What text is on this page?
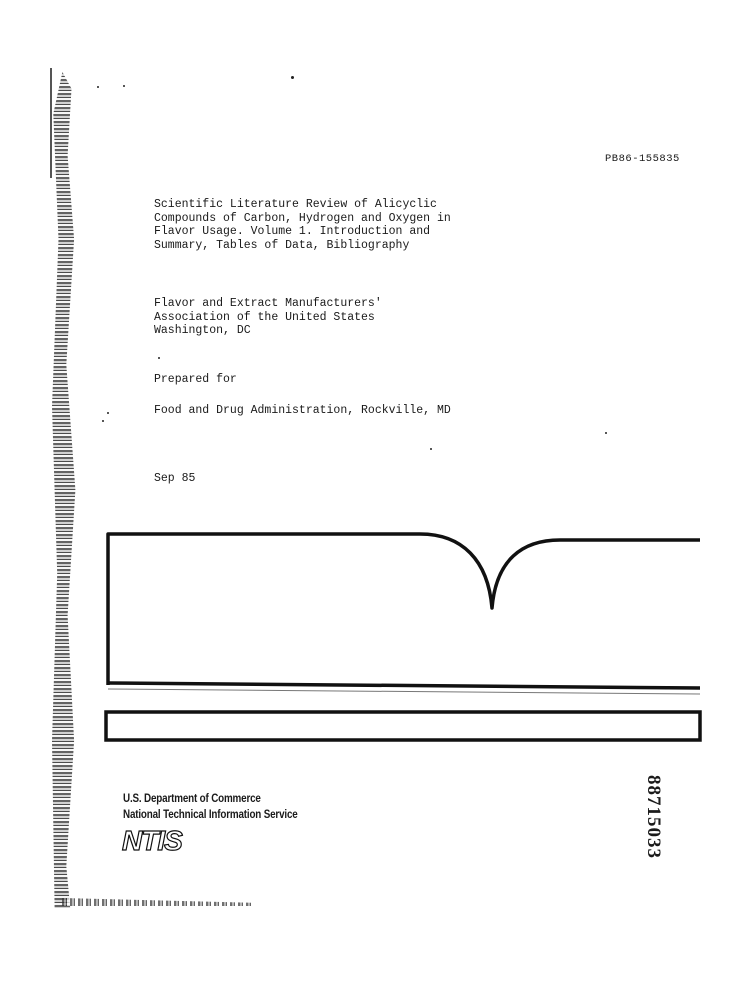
PB86-155835
Scientific Literature Review of Alicyclic
Compounds of Carbon, Hydrogen and Oxygen in
Flavor Usage. Volume 1. Introduction and
Summary, Tables of Data, Bibliography
Flavor and Extract Manufacturers'
Association of the United States
Washington, DC
Prepared for
Food and Drug Administration, Rockville, MD
Sep 85
U.S. Department of Commerce
National Technical Information Service
NTIS	88715033
